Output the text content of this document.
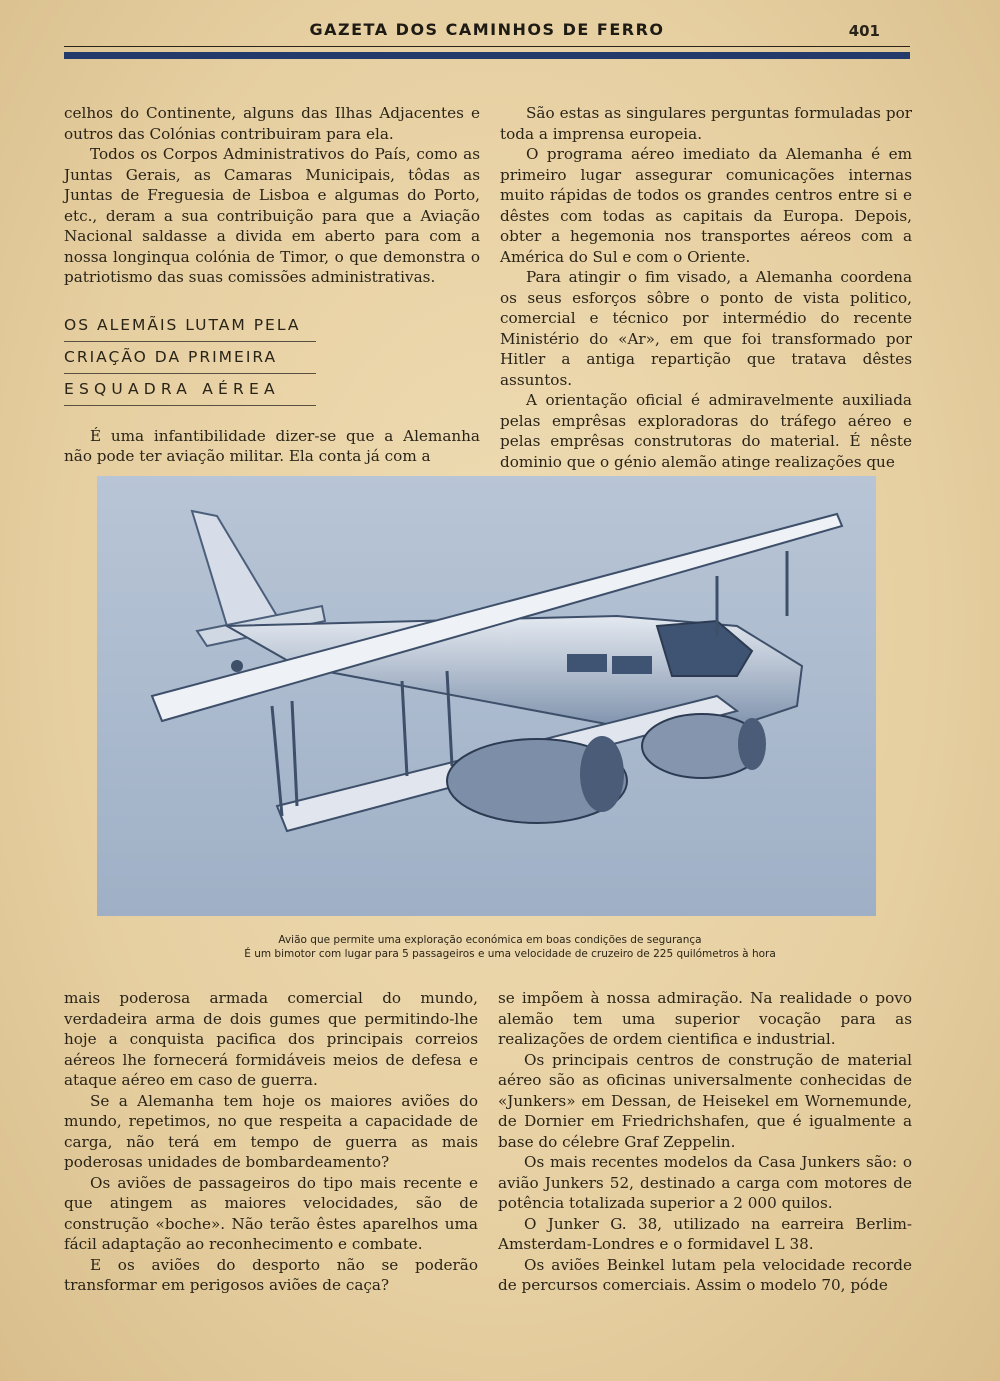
GAZETA DOS CAMINHOS DE FERRO	401

celhos do Continente, alguns das Ilhas Adjacentes e outros das Colónias contribuiram para ela.

Todos os Corpos Administrativos do País, como as Juntas Gerais, as Camaras Municipais, tôdas as Juntas de Freguesia de Lisboa e algumas do Porto, etc., deram a sua contribuição para que a Aviação Nacional saldasse a divida em aberto para com a nossa longinqua colónia de Timor, o que demonstra o patriotismo das suas comissões administrativas.

OS ALEMÃIS LUTAM PELA
CRIAÇÃO DA PRIMEIRA
ESQUADRA AÉREA

É uma infantibilidade dizer-se que a Alemanha não pode ter aviação militar. Ela conta já com a

São estas as singulares perguntas formuladas por toda a imprensa europeia.

O programa aéreo imediato da Alemanha é em primeiro lugar assegurar comunicações internas muito rápidas de todos os grandes centros entre si e dêstes com todas as capitais da Europa. Depois, obter a hegemonia nos transportes aéreos com a América do Sul e com o Oriente.

Para atingir o fim visado, a Alemanha coordena os seus esforços sôbre o ponto de vista politico, comercial e técnico por intermédio do recente Ministério do «Ar», em que foi transformado por Hitler a antiga repartição que tratava dêstes assuntos.

A orientação oficial é admiravelmente auxiliada pelas emprêsas exploradoras do tráfego aéreo e pelas emprêsas construtoras do material. É nêste dominio que o génio alemão atinge realizações que

Avião que permite uma exploração económica em boas condições de segurança
É um bimotor com lugar para 5 passageiros e uma velocidade de cruzeiro de 225 quilómetros à hora

mais poderosa armada comercial do mundo, verdadeira arma de dois gumes que permitindo-lhe hoje a conquista pacifica dos principais correios aéreos lhe fornecerá formidáveis meios de defesa e ataque aéreo em caso de guerra.

Se a Alemanha tem hoje os maiores aviões do mundo, repetimos, no que respeita a capacidade de carga, não terá em tempo de guerra as mais poderosas unidades de bombardeamento?

Os aviões de passageiros do tipo mais recente e que atingem as maiores velocidades, são de construção «boche». Não terão êstes aparelhos uma fácil adaptação ao reconhecimento e combate.

E os aviões do desporto não se poderão transformar em perigosos aviões de caça?

se impõem à nossa admiração. Na realidade o povo alemão tem uma superior vocação para as realizações de ordem cientifica e industrial.

Os principais centros de construção de material aéreo são as oficinas universalmente conhecidas de «Junkers» em Dessan, de Heisekel em Wornemunde, de Dornier em Friedrichshafen, que é igualmente a base do célebre Graf Zeppelin.

Os mais recentes modelos da Casa Junkers são: o avião Junkers 52, destinado a carga com motores de potência totalizada superior a 2 000 quilos.

O Junker G. 38, utilizado na earreira Berlim-Amsterdam-Londres e o formidavel L 38.

Os aviões Beinkel lutam pela velocidade recorde de percursos comerciais. Assim o modelo 70, póde
